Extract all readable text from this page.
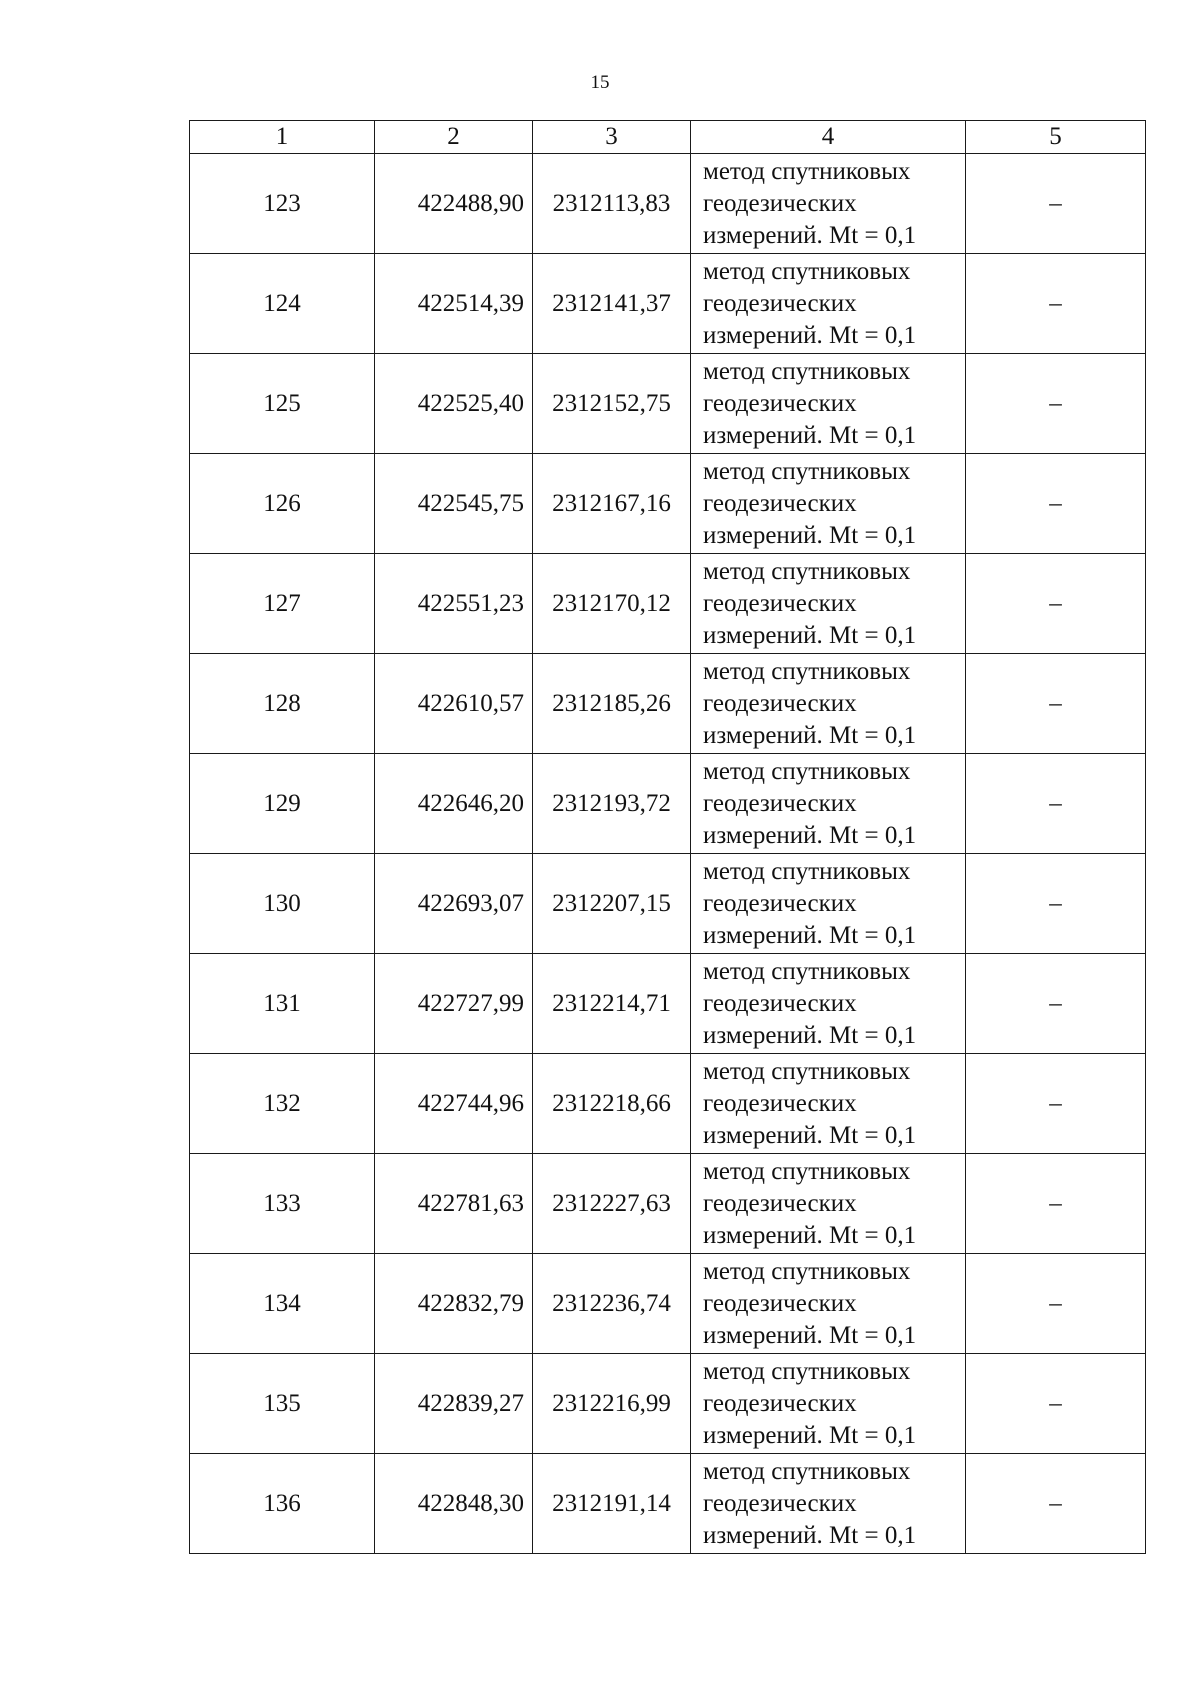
15
1	2	3	4	5
123	422488,90	2312113,83	метод спутниковых
геодезических
измерений. Mt = 0,1	–
124	422514,39	2312141,37	метод спутниковых
геодезических
измерений. Mt = 0,1	–
125	422525,40	2312152,75	метод спутниковых
геодезических
измерений. Mt = 0,1	–
126	422545,75	2312167,16	метод спутниковых
геодезических
измерений. Mt = 0,1	–
127	422551,23	2312170,12	метод спутниковых
геодезических
измерений. Mt = 0,1	–
128	422610,57	2312185,26	метод спутниковых
геодезических
измерений. Mt = 0,1	–
129	422646,20	2312193,72	метод спутниковых
геодезических
измерений. Mt = 0,1	–
130	422693,07	2312207,15	метод спутниковых
геодезических
измерений. Mt = 0,1	–
131	422727,99	2312214,71	метод спутниковых
геодезических
измерений. Mt = 0,1	–
132	422744,96	2312218,66	метод спутниковых
геодезических
измерений. Mt = 0,1	–
133	422781,63	2312227,63	метод спутниковых
геодезических
измерений. Mt = 0,1	–
134	422832,79	2312236,74	метод спутниковых
геодезических
измерений. Mt = 0,1	–
135	422839,27	2312216,99	метод спутниковых
геодезических
измерений. Mt = 0,1	–
136	422848,30	2312191,14	метод спутниковых
геодезических
измерений. Mt = 0,1	–
